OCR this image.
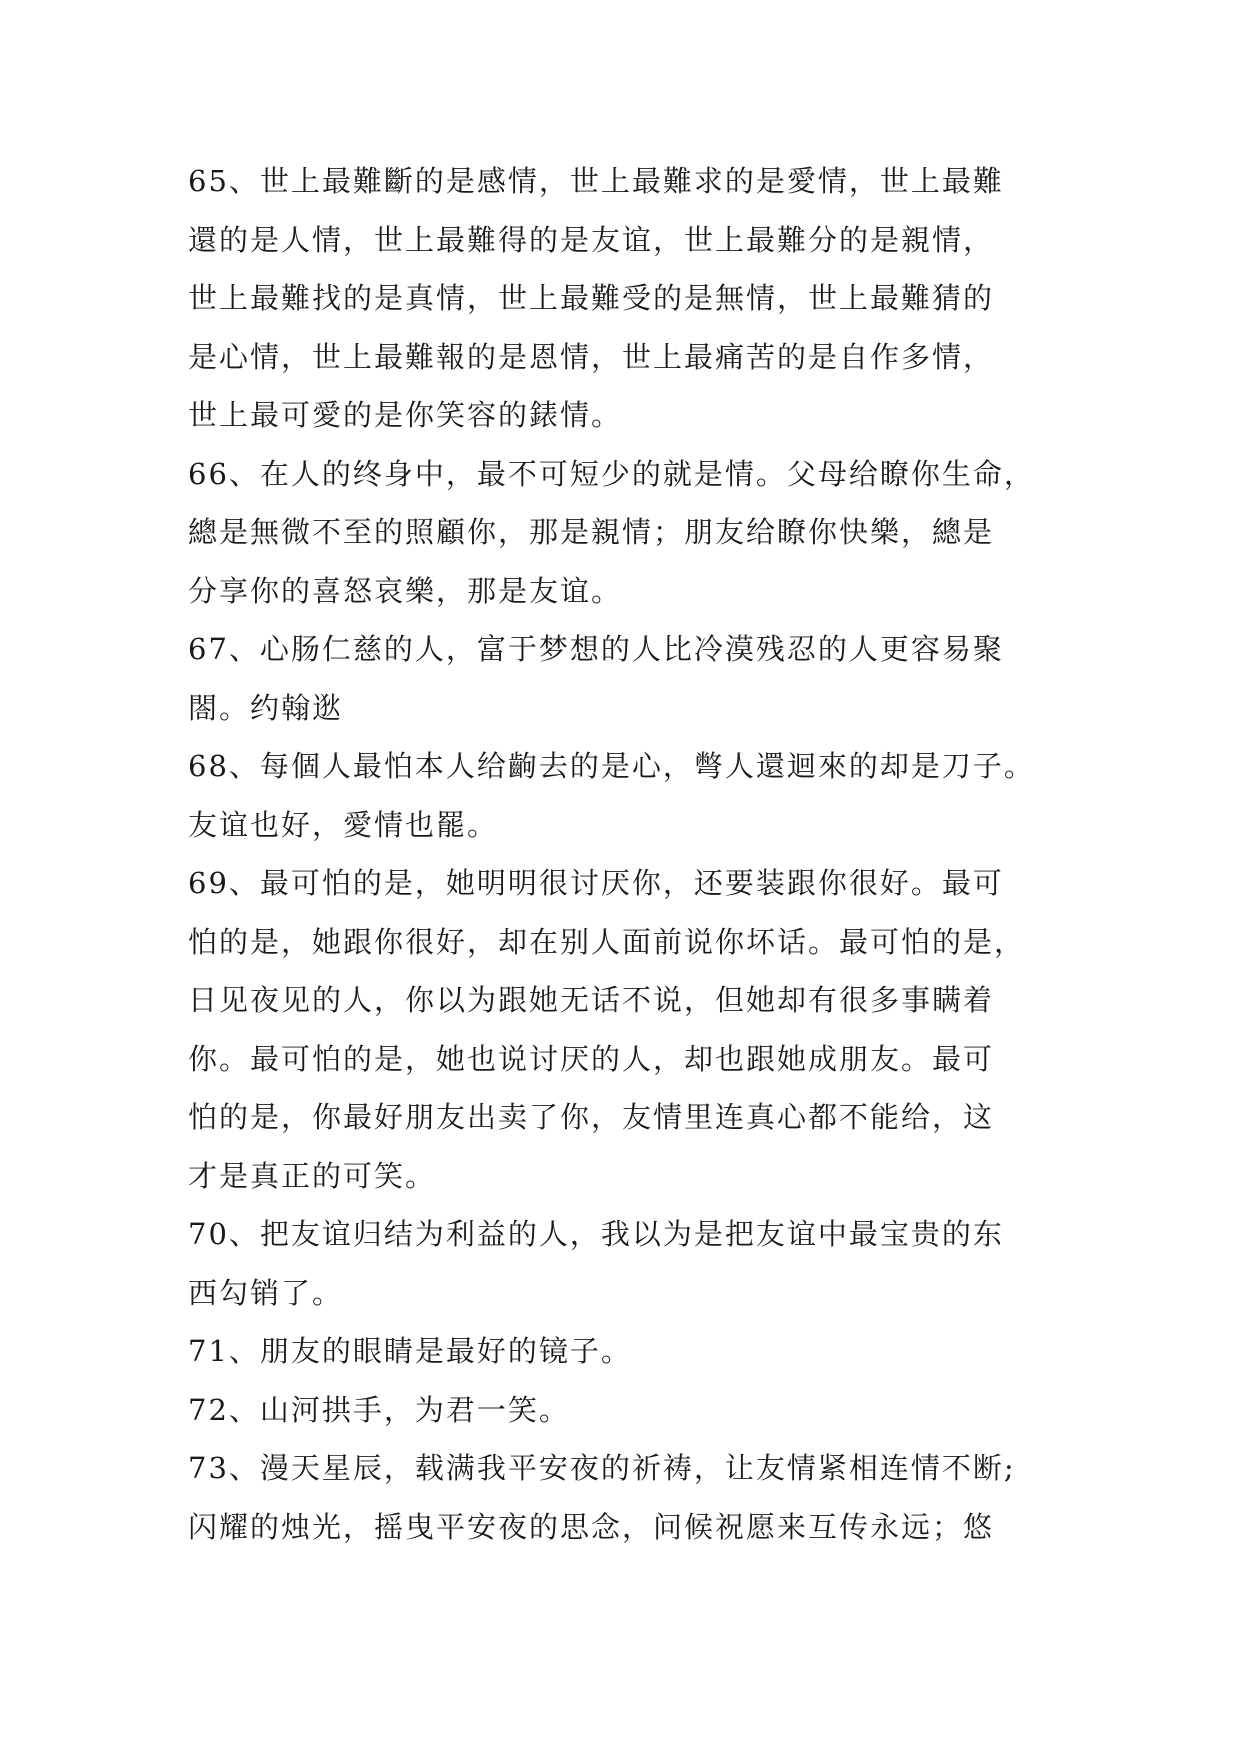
65、世上最難斷的是感情，世上最難求的是愛情，世上最難
還的是人情，世上最難得的是友谊，世上最難分的是親情，
世上最難找的是真情，世上最難受的是無情，世上最難猜的
是心情，世上最難報的是恩情，世上最痛苦的是自作多情，
世上最可愛的是你笑容的錶情。

66、在人的终身中，最不可短少的就是情。父母给瞭你生命，
總是無微不至的照顧你，那是親情；朋友给瞭你快樂，總是
分享你的喜怒哀樂，那是友谊。

67、心肠仁慈的人，富于梦想的人比冷漠残忍的人更容易聚
閤。约翰逖

68、每個人最怕本人给齣去的是心，彆人還迴來的却是刀子。
友谊也好，愛情也罷。

69、最可怕的是，她明明很讨厌你，还要装跟你很好。最可
怕的是，她跟你很好，却在别人面前说你坏话。最可怕的是，
日见夜见的人，你以为跟她无话不说，但她却有很多事瞒着
你。最可怕的是，她也说讨厌的人，却也跟她成朋友。最可
怕的是，你最好朋友出卖了你，友情里连真心都不能给，这
才是真正的可笑。

70、把友谊归结为利益的人，我以为是把友谊中最宝贵的东
西勾销了。

71、朋友的眼睛是最好的镜子。

72、山河拱手，为君一笑。

73、漫天星辰，载满我平安夜的祈祷，让友情紧相连情不断;
闪耀的烛光，摇曳平安夜的思念，问候祝愿来互传永远；悠
